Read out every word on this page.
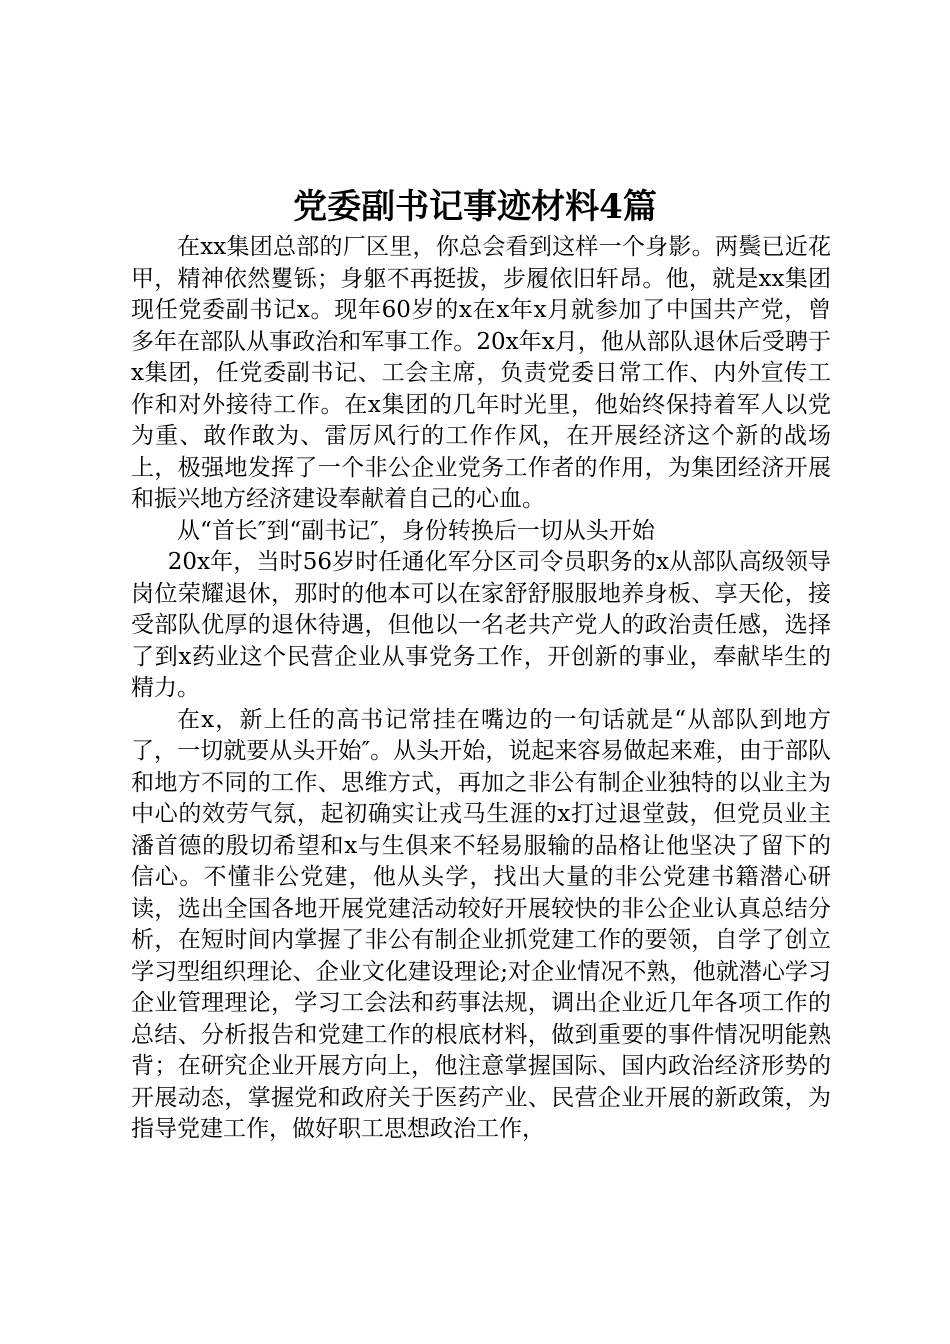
党委副书记事迹材料4篇

在xx集团总部的厂区里，你总会看到这样一个身影。两鬓已近花甲，精神依然矍铄；身躯不再挺拔，步履依旧轩昂。他，就是xx集团现任党委副书记x。现年60岁的x在x年x月就参加了中国共产党，曾多年在部队从事政治和军事工作。20x年x月，他从部队退休后受聘于x集团，任党委副书记、工会主席，负责党委日常工作、内外宣传工作和对外接待工作。在x集团的几年时光里，他始终保持着军人以党为重、敢作敢为、雷厉风行的工作作风，在开展经济这个新的战场上，极强地发挥了一个非公企业党务工作者的作用，为集团经济开展和振兴地方经济建设奉献着自己的心血。

从“首长″到“副书记″，身份转换后一切从头开始

20x年，当时56岁时任通化军分区司令员职务的x从部队高级领导岗位荣耀退休，那时的他本可以在家舒舒服服地养身板、享天伦，接受部队优厚的退休待遇，但他以一名老共产党人的政治责任感，选择了到x药业这个民营企业从事党务工作，开创新的事业，奉献毕生的精力。

在x，新上任的高书记常挂在嘴边的一句话就是“从部队到地方了，一切就要从头开始″。从头开始，说起来容易做起来难，由于部队和地方不同的工作、思维方式，再加之非公有制企业独特的以业主为中心的效劳气氛，起初确实让戎马生涯的x打过退堂鼓，但党员业主潘首德的殷切希望和x与生俱来不轻易服输的品格让他坚决了留下的信心。不懂非公党建，他从头学，找出大量的非公党建书籍潜心研读，选出全国各地开展党建活动较好开展较快的非公企业认真总结分析，在短时间内掌握了非公有制企业抓党建工作的要领，自学了创立学习型组织理论、企业文化建设理论;对企业情况不熟，他就潜心学习企业管理理论，学习工会法和药事法规，调出企业近几年各项工作的总结、分析报告和党建工作的根底材料，做到重要的事件情况明能熟背；在研究企业开展方向上，他注意掌握国际、国内政治经济形势的开展动态，掌握党和政府关于医药产业、民营企业开展的新政策，为指导党建工作，做好职工思想政治工作，
